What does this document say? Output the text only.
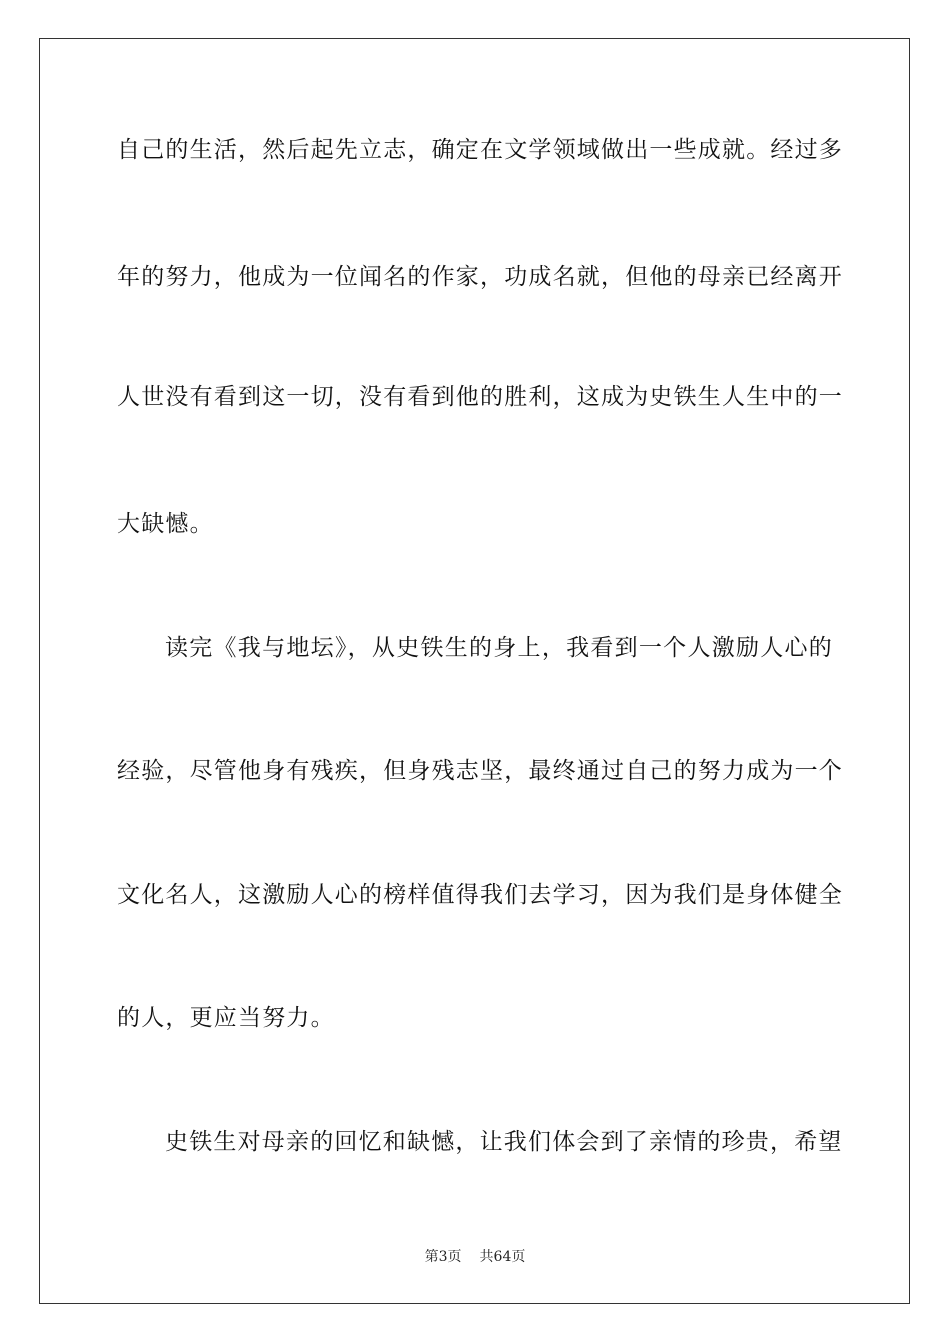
自己的生活，然后起先立志，确定在文学领域做出一些成就。经过多
年的努力，他成为一位闻名的作家，功成名就，但他的母亲已经离开
人世没有看到这一切，没有看到他的胜利，这成为史铁生人生中的一
大缺憾。
读完《我与地坛》，从史铁生的身上，我看到一个人激励人心的
经验，尽管他身有残疾，但身残志坚，最终通过自己的努力成为一个
文化名人，这激励人心的榜样值得我们去学习，因为我们是身体健全
的人，更应当努力。
史铁生对母亲的回忆和缺憾，让我们体会到了亲情的珍贵，希望
第3页 共64页
